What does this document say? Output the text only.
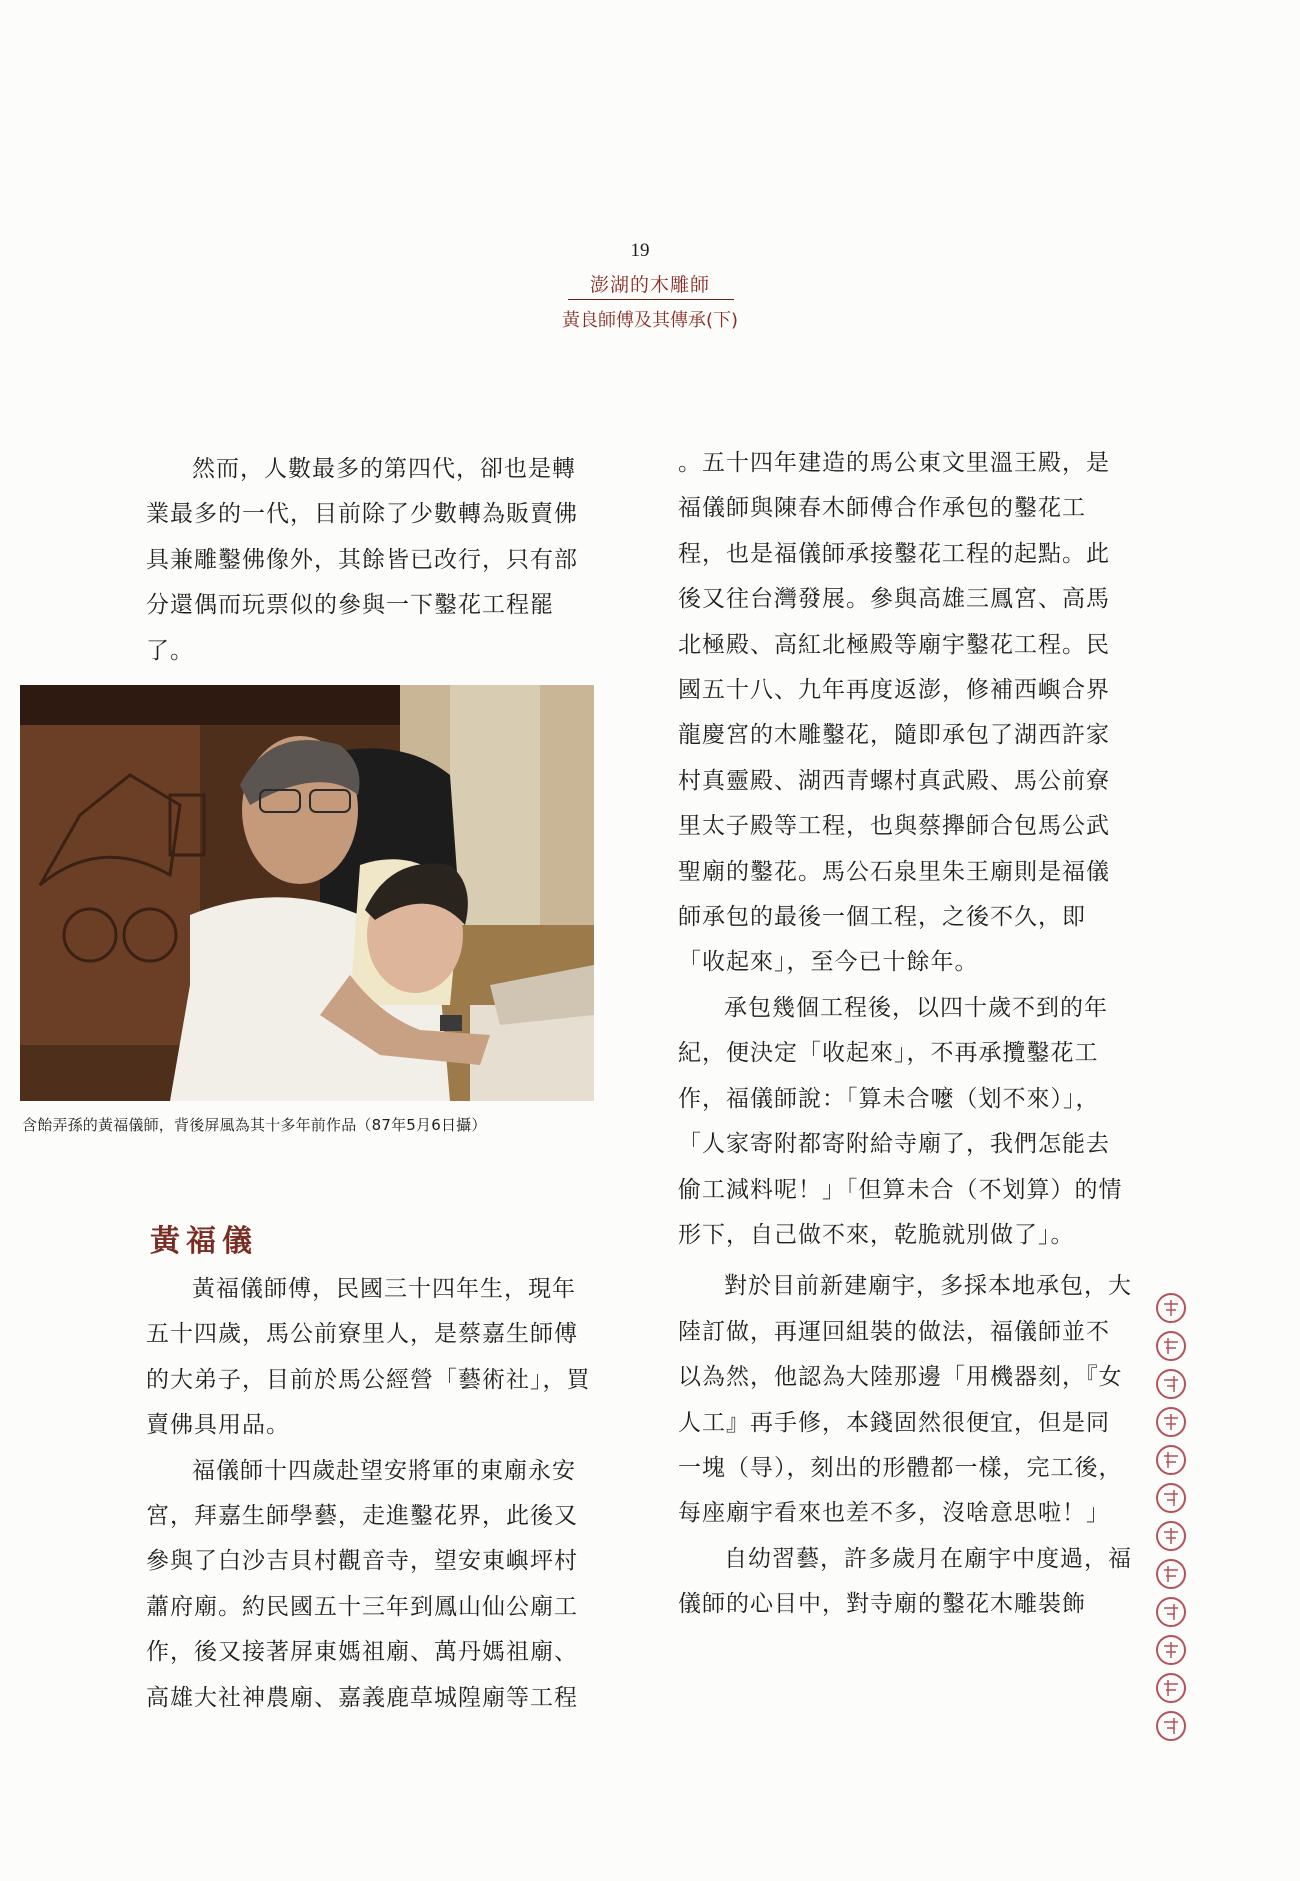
19
澎湖的木雕師
黃良師傅及其傳承(下)

然而，人數最多的第四代，卻也是轉業最多的一代，目前除了少數轉為販賣佛具兼雕鑿佛像外，其餘皆已改行，只有部分還偶而玩票似的參與一下鑿花工程罷了。

含飴弄孫的黃福儀師，背後屏風為其十多年前作品（87年5月6日攝）
黃福儀

黃福儀師傅，民國三十四年生，現年五十四歲，馬公前寮里人，是蔡嘉生師傅的大弟子，目前於馬公經營「藝術社」，買賣佛具用品。

福儀師十四歲赴望安將軍的東廟永安宮，拜嘉生師學藝，走進鑿花界，此後又參與了白沙吉貝村觀音寺，望安東嶼坪村蕭府廟。約民國五十三年到鳳山仙公廟工作，後又接著屏東媽祖廟、萬丹媽祖廟、高雄大社神農廟、嘉義鹿草城隍廟等工程

。五十四年建造的馬公東文里溫王殿，是福儀師與陳春木師傅合作承包的鑿花工程，也是福儀師承接鑿花工程的起點。此後又往台灣發展。參與高雄三鳳宮、高馬北極殿、高紅北極殿等廟宇鑿花工程。民國五十八、九年再度返澎，修補西嶼合界龍慶宮的木雕鑿花，隨即承包了湖西許家村真靈殿、湖西青螺村真武殿、馬公前寮里太子殿等工程，也與蔡攑師合包馬公武聖廟的鑿花。馬公石泉里朱王廟則是福儀師承包的最後一個工程，之後不久，即「收起來」，至今已十餘年。

承包幾個工程後，以四十歲不到的年紀，便決定「收起來」，不再承攬鑿花工作，福儀師說：「算未合嚒（划不來）」，「人家寄附都寄附給寺廟了，我們怎能去偷工減料呢！」「但算未合（不划算）的情形下，自己做不來，乾脆就別做了」。

對於目前新建廟宇，多採本地承包，大陸訂做，再運回組裝的做法，福儀師並不以為然，他認為大陸那邊「用機器刻，『女人工』再手修，本錢固然很便宜，但是同一塊（㝵），刻出的形體都一樣，完工後，每座廟宇看來也差不多，沒啥意思啦！」

自幼習藝，許多歲月在廟宇中度過，福儀師的心目中，對寺廟的鑿花木雕裝飾
